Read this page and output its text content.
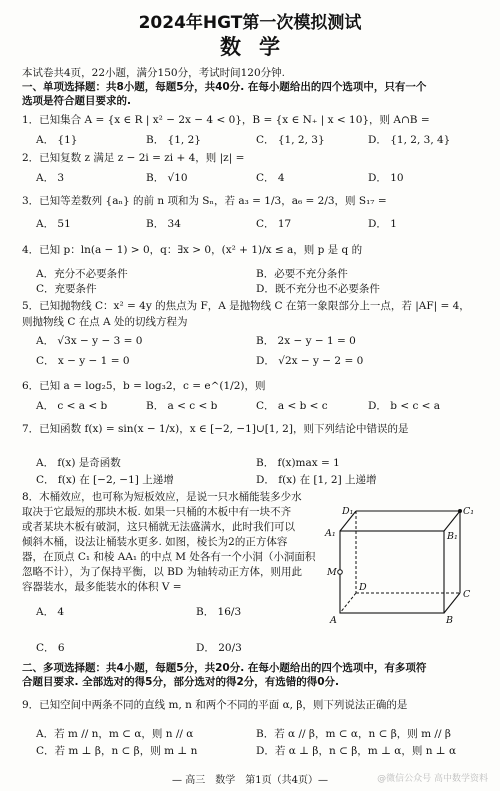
2024年HGT第一次模拟测试
数学
本试卷共4页，22小题，满分150分，考试时间120分钟.
一、单项选择题：共8小题，每题5分，共40分. 在每小题给出的四个选项中，只有一个
选项是符合题目要求的.
1．已知集合 A = {x ∈ R | x² − 2x − 4 < 0}，B = {x ∈ N₊ | x < 10}，则 A∩B =
A． {1}	B． {1, 2}	C． {1, 2, 3}	D． {1, 2, 3, 4}
2．已知复数 z 满足 z − 2i = zi + 4，则 |z| =
A． 3	B． √10	C． 4	D． 10
3．已知等差数列 {aₙ} 的前 n 项和为 Sₙ，若 a₃ = 1/3，a₆ = 2/3，则 S₁₇ =
A． 51	B． 34	C． 17	D． 1
4．已知 p：ln(a − 1) > 0，q：∃x > 0，(x² + 1)/x ≤ a，则 p 是 q 的
A．充分不必要条件	B．必要不充分条件
C．充要条件	D．既不充分也不必要条件
5．已知抛物线 C：x² = 4y 的焦点为 F，A 是抛物线 C 在第一象限部分上一点，若 |AF| = 4，
则抛物线 C 在点 A 处的切线方程为
A． √3x − y − 3 = 0	B． 2x − y − 1 = 0
C． x − y − 1 = 0	D． √2x − y − 2 = 0
6．已知 a = log₂5，b = log₃2，c = e^(1/2)，则
A． c < a < b	B． a < c < b	C． a < b < c	D． b < c < a
7．已知函数 f(x) = sin(x − 1/x)，x ∈ [−2, −1]∪[1, 2]，则下列结论中错误的是
A． f(x) 是奇函数	B． f(x)max = 1
C． f(x) 在 [−2, −1] 上递增	D． f(x) 在 [1, 2] 上递增
8．木桶效应，也可称为短板效应，是说一只水桶能装多少水
取决于它最短的那块木板. 如果一只桶的木板中有一块不齐
或者某块木板有破洞，这只桶就无法盛满水，此时我们可以
倾斜木桶，设法让桶装水更多. 如图，棱长为2的正方体容
器，在顶点 C₁ 和棱 AA₁ 的中点 M 处各有一个小洞（小洞面积
忽略不计），为了保持平衡，以 BD 为轴转动正方体，则用此
容器装水，最多能装水的体积 V =
A． 4	B． 16/3
C． 6	D． 20/3
D₁	C₁
A₁	B₁
M
D
C
A	B
二、多项选择题：共4小题，每题5分，共20分. 在每小题给出的四个选项中，有多项符
合题目要求. 全部选对的得5分，部分选对的得2分，有选错的得0分.
9．已知空间中两条不同的直线 m, n 和两个不同的平面 α, β，则下列说法正确的是
A．若 m // n，m ⊂ α，则 n // α	B．若 α // β，m ⊂ α，n ⊂ β，则 m // β
C．若 m ⊥ β，n ⊂ β，则 m ⊥ n	D．若 α ⊥ β，n ⊂ β，m ⊥ α，则 n ⊥ α
— 高三　数学　第1页（共4页）—	@微信公众号 高中数学资料
